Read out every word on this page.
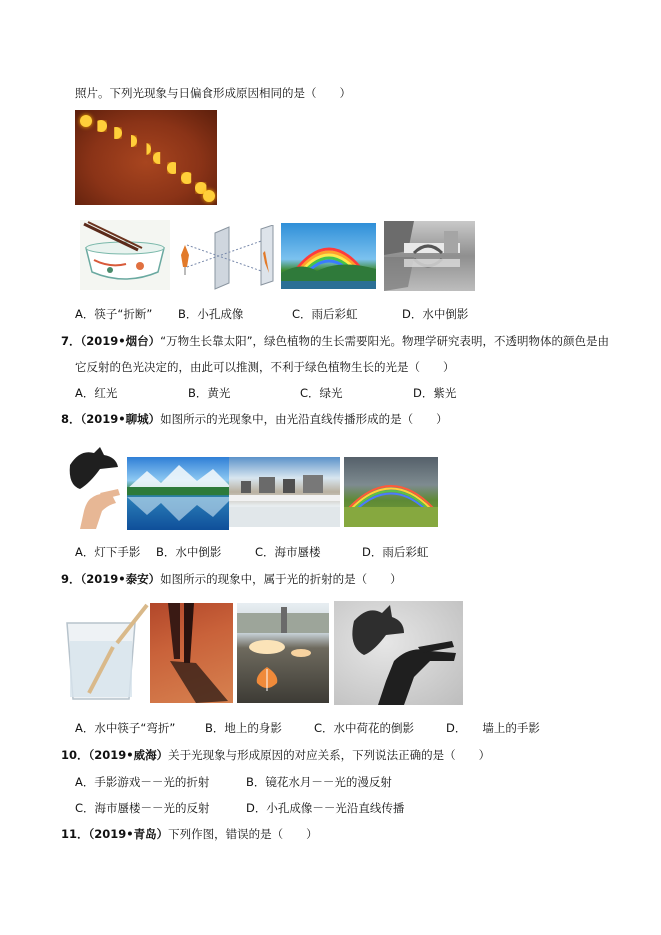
照片。下列光现象与日偏食形成原因相同的是（　　）
A．筷子“折断” B．小孔成像	C．雨后彩虹	D．水中倒影
7．（2019•烟台）“万物生长靠太阳”，绿色植物的生长需要阳光。物理学研究表明，不透明物体的颜色是由
它反射的色光决定的，由此可以推测，不利于绿色植物生长的光是（　　）
A．红光	B．黄光	C．绿光	D．紫光
8．（2019•聊城）如图所示的光现象中，由光沿直线传播形成的是（　　）
A．灯下手影 B．水中倒影	C．海市蜃楼	D．雨后彩虹
9．（2019•泰安）如图所示的现象中，属于光的折射的是（　　）
A．水中筷子“弯折”	B．地上的身影	C．水中荷花的倒影	D． 墙上的手影
10．（2019•威海）关于光现象与形成原因的对应关系，下列说法正确的是（　　）
A．手影游戏－－光的折射	B．镜花水月－－光的漫反射
C．海市蜃楼－－光的反射	D．小孔成像－－光沿直线传播
11．（2019•青岛）下列作图，错误的是（　　）
